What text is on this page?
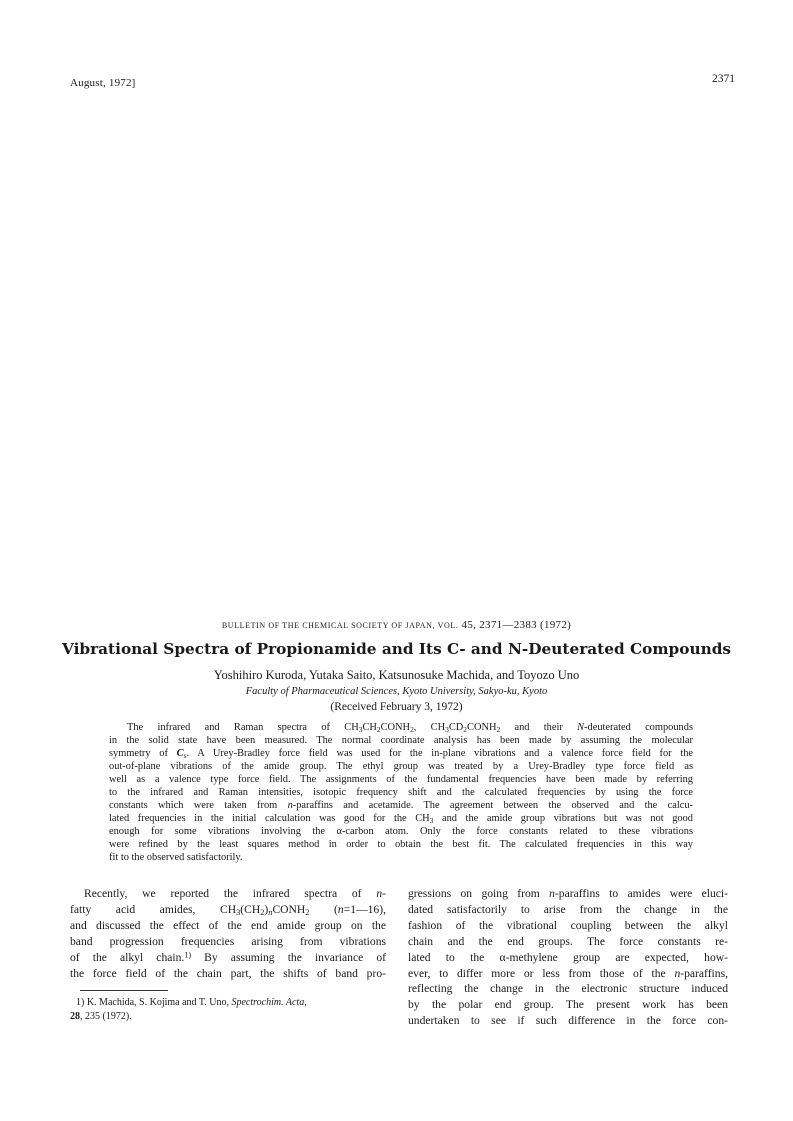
August, 1972]	2371
BULLETIN OF THE CHEMICAL SOCIETY OF JAPAN, VOL. 45, 2371—2383 (1972)
Vibrational Spectra of Propionamide and Its C- and N-Deuterated Compounds
Yoshihiro Kuroda, Yutaka Saito, Katsunosuke Machida, and Toyozo Uno
Faculty of Pharmaceutical Sciences, Kyoto University, Sakyo-ku, Kyoto
(Received February 3, 1972)
The infrared and Raman spectra of $CH_3CH_2CONH_2$, $CH_3CD_2CONH_2$ and their N-deuterated compounds
in the solid state have been measured. The normal coordinate analysis has been made by assuming the molecular
symmetry of $C_s$. A Urey-Bradley force field was used for the in-plane vibrations and a valence force field for the
out-of-plane vibrations of the amide group. The ethyl group was treated by a Urey-Bradley type force field as
well as a valence type force field. The assignments of the fundamental frequencies have been made by referring
to the infrared and Raman intensities, isotopic frequency shift and the calculated frequencies by using the force
constants which were taken from n-paraffins and acetamide. The agreement between the observed and the calcu-
lated frequencies in the initial calculation was good for the $CH_3$ and the amide group vibrations but was not good
enough for some vibrations involving the α-carbon atom. Only the force constants related to these vibrations
were refined by the least squares method in order to obtain the best fit. The calculated frequencies in this way
fit to the observed satisfactorily.
Recently, we reported the infrared spectra of n-
fatty acid amides, $CH_3(CH_2)_nCONH_2$ (n=1—16),
and discussed the effect of the end amide group on the
band progression frequencies arising from vibrations
of the alkyl chain.$^{1)}$ By assuming the invariance of
the force field of the chain part, the shifts of band pro-
1) K. Machida, S. Kojima and T. Uno, Spectrochim. Acta,
28, 235 (1972).
gressions on going from n-paraffins to amides were eluci-
dated satisfactorily to arise from the change in the
fashion of the vibrational coupling between the alkyl
chain and the end groups. The force constants re-
lated to the α-methylene group are expected, how-
ever, to differ more or less from those of the n-paraffins,
reflecting the change in the electronic structure induced
by the polar end group. The present work has been
undertaken to see if such difference in the force con-
